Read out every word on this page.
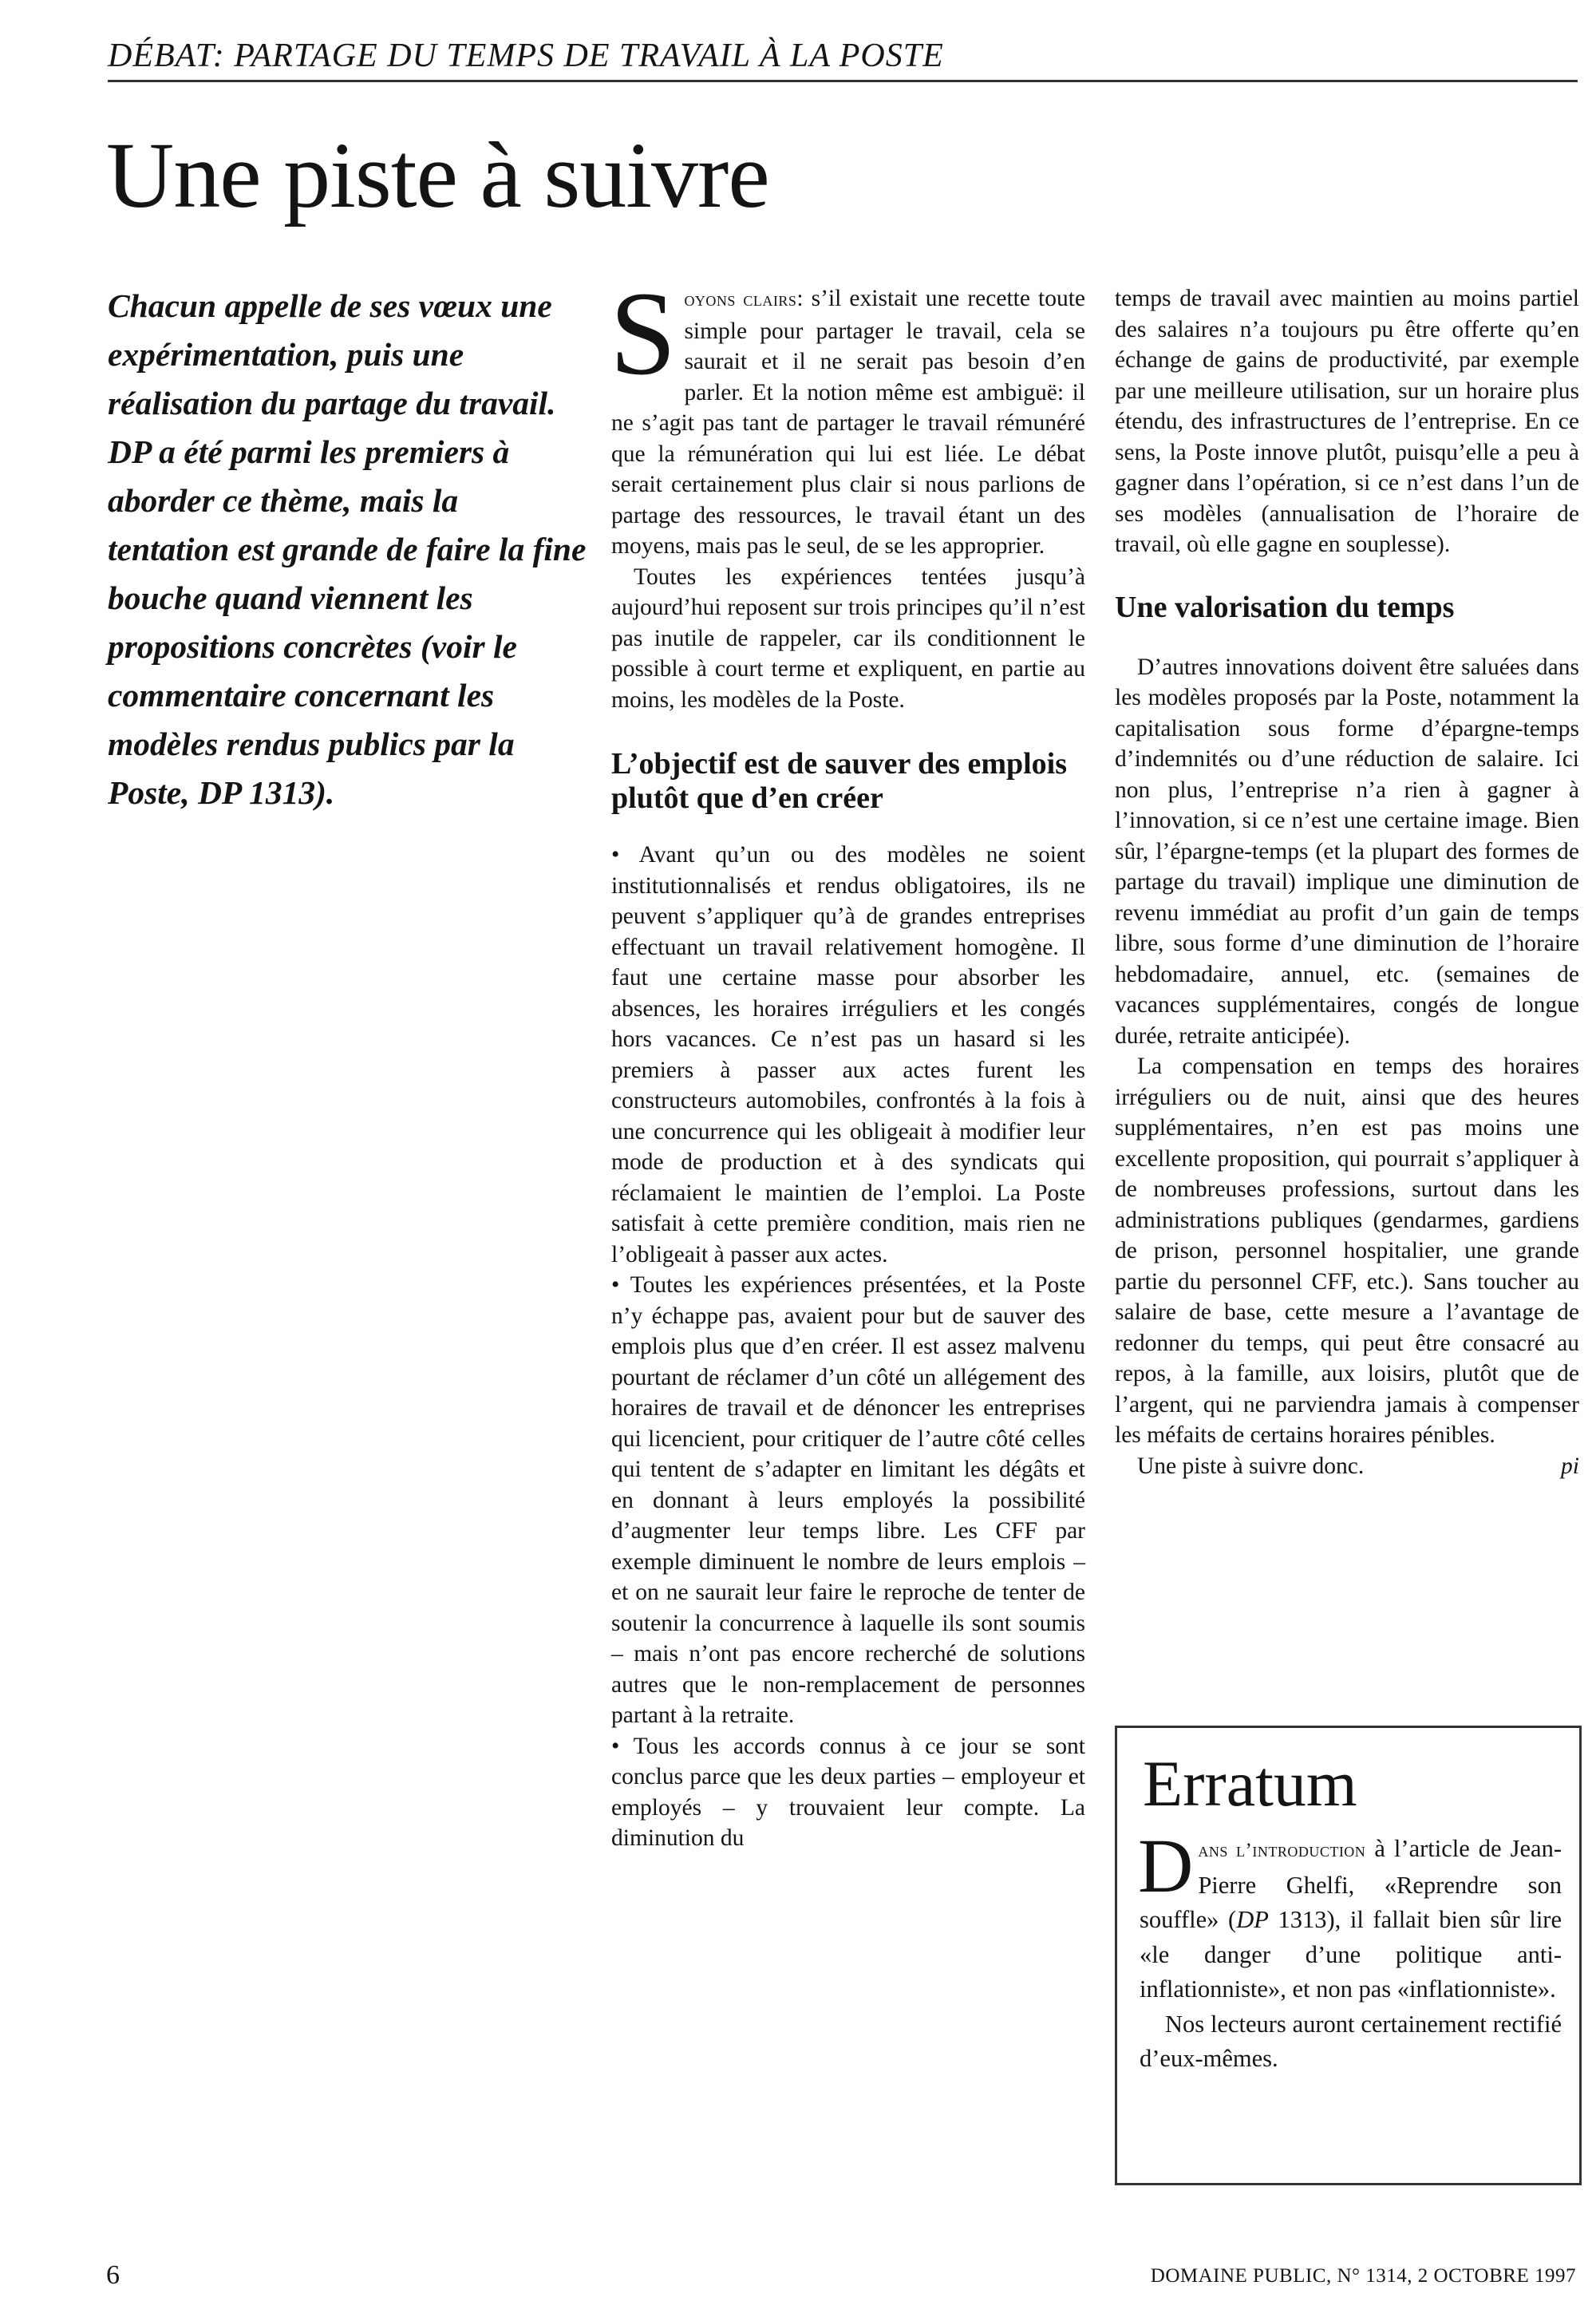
DÉBAT: PARTAGE DU TEMPS DE TRAVAIL À LA POSTE
Une piste à suivre
Chacun appelle de ses vœux une expérimentation, puis une réalisation du partage du travail. DP a été parmi les premiers à aborder ce thème, mais la tentation est grande de faire la fine bouche quand viennent les propositions concrètes (voir le commentaire concernant les modèles rendus publics par la Poste, DP 1313).

Soyons clairs: s’il existait une recette toute simple pour partager le travail, cela se saurait et il ne serait pas besoin d’en parler. Et la notion même est ambiguë: il ne s’agit pas tant de partager le travail rémunéré que la rémunération qui lui est liée. Le débat serait certainement plus clair si nous parlions de partage des ressources, le travail étant un des moyens, mais pas le seul, de se les approprier.

Toutes les expériences tentées jusqu’à aujourd’hui reposent sur trois principes qu’il n’est pas inutile de rappeler, car ils conditionnent le possible à court terme et expliquent, en partie au moins, les modèles de la Poste.

L’objectif est de sauver des emplois plutôt que d’en créer

• Avant qu’un ou des modèles ne soient institutionnalisés et rendus obligatoires, ils ne peuvent s’appliquer qu’à de grandes entreprises effectuant un travail relativement homogène. Il faut une certaine masse pour absorber les absences, les horaires irréguliers et les congés hors vacances. Ce n’est pas un hasard si les premiers à passer aux actes furent les constructeurs automobiles, confrontés à la fois à une concurrence qui les obligeait à modifier leur mode de production et à des syndicats qui réclamaient le maintien de l’emploi. La Poste satisfait à cette première condition, mais rien ne l’obligeait à passer aux actes.

• Toutes les expériences présentées, et la Poste n’y échappe pas, avaient pour but de sauver des emplois plus que d’en créer. Il est assez malvenu pourtant de réclamer d’un côté un allégement des horaires de travail et de dénoncer les entreprises qui licencient, pour critiquer de l’autre côté celles qui tentent de s’adapter en limitant les dégâts et en donnant à leurs employés la possibilité d’augmenter leur temps libre. Les CFF par exemple diminuent le nombre de leurs emplois – et on ne saurait leur faire le reproche de tenter de soutenir la concurrence à laquelle ils sont soumis – mais n’ont pas encore recherché de solutions autres que le non-remplacement de personnes partant à la retraite.

• Tous les accords connus à ce jour se sont conclus parce que les deux parties – employeur et employés – y trouvaient leur compte. La diminution du

temps de travail avec maintien au moins partiel des salaires n’a toujours pu être offerte qu’en échange de gains de productivité, par exemple par une meilleure utilisation, sur un horaire plus étendu, des infrastructures de l’entreprise. En ce sens, la Poste innove plutôt, puisqu’elle a peu à gagner dans l’opération, si ce n’est dans l’un de ses modèles (annualisation de l’horaire de travail, où elle gagne en souplesse).

Une valorisation du temps

D’autres innovations doivent être saluées dans les modèles proposés par la Poste, notamment la capitalisation sous forme d’épargne-temps d’indemnités ou d’une réduction de salaire. Ici non plus, l’entreprise n’a rien à gagner à l’innovation, si ce n’est une certaine image. Bien sûr, l’épargne-temps (et la plupart des formes de partage du travail) implique une diminution de revenu immédiat au profit d’un gain de temps libre, sous forme d’une diminution de l’horaire hebdomadaire, annuel, etc. (semaines de vacances supplémentaires, congés de longue durée, retraite anticipée).

La compensation en temps des horaires irréguliers ou de nuit, ainsi que des heures supplémentaires, n’en est pas moins une excellente proposition, qui pourrait s’appliquer à de nombreuses professions, surtout dans les administrations publiques (gendarmes, gardiens de prison, personnel hospitalier, une grande partie du personnel CFF, etc.). Sans toucher au salaire de base, cette mesure a l’avantage de redonner du temps, qui peut être consacré au repos, à la famille, aux loisirs, plutôt que de l’argent, qui ne parviendra jamais à compenser les méfaits de certains horaires pénibles.

Une piste à suivre donc.	pi

Erratum

Dans l’introduction à l’article de Jean-Pierre Ghelfi, «Reprendre son souffle» (DP 1313), il fallait bien sûr lire «le danger d’une politique anti-inflationniste», et non pas «inflationniste».

Nos lecteurs auront certainement rectifié d’eux-mêmes.

6	DOMAINE PUBLIC, N° 1314, 2 OCTOBRE 1997
